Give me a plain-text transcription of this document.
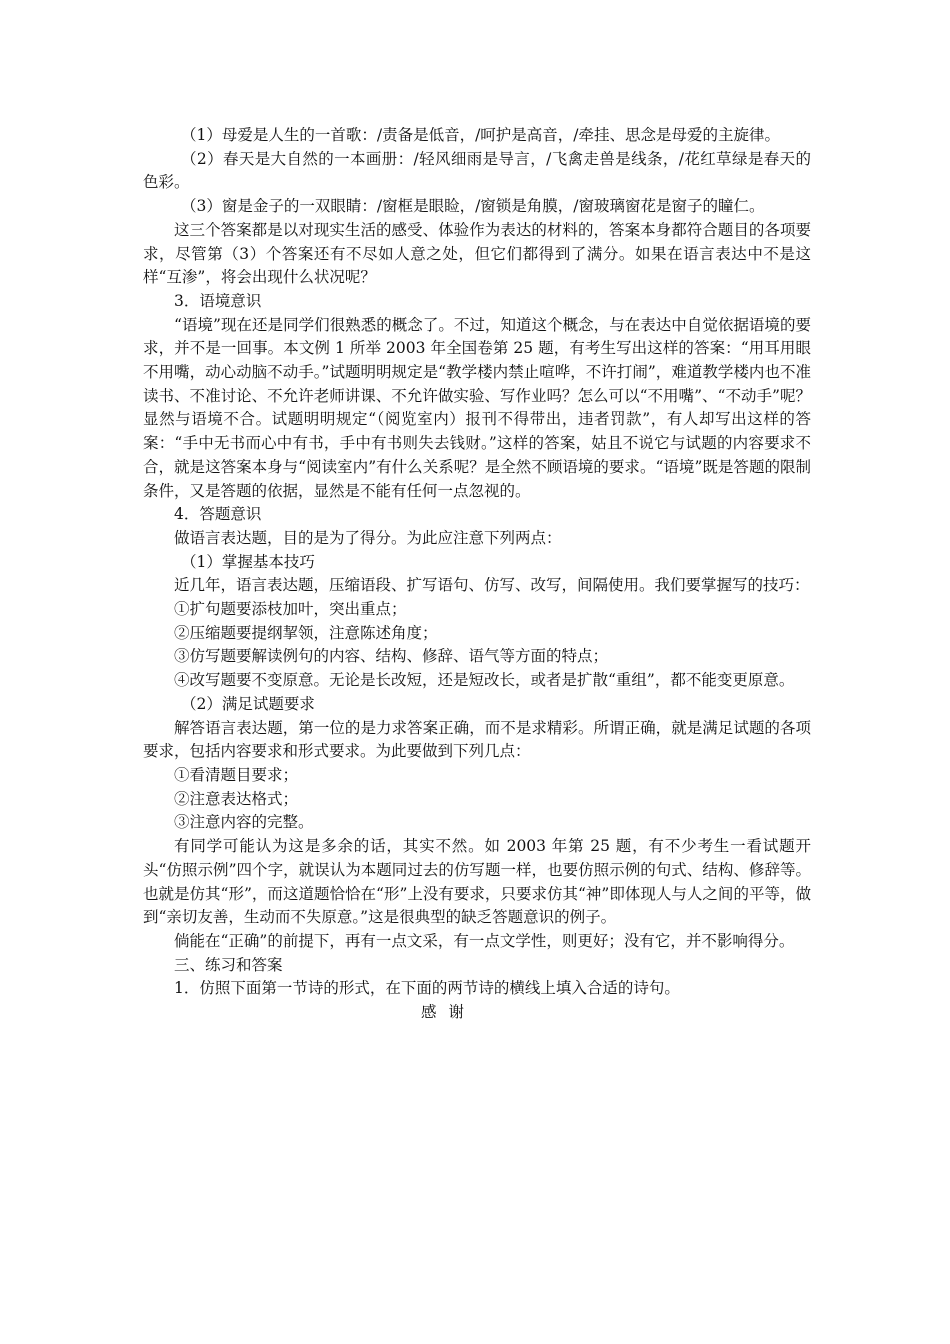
（1）母爱是人生的一首歌：/责备是低音，/呵护是高音，/牵挂、思念是母爱的主旋律。

（2）春天是大自然的一本画册：/轻风细雨是导言，/飞禽走兽是线条，/花红草绿是春天的色彩。

（3）窗是金子的一双眼睛：/窗框是眼睑，/窗锁是角膜，/窗玻璃窗花是窗子的瞳仁。

这三个答案都是以对现实生活的感受、体验作为表达的材料的，答案本身都符合题目的各项要求，尽管第（3）个答案还有不尽如人意之处，但它们都得到了满分。如果在语言表达中不是这样“互渗”，将会出现什么状况呢？

3．语境意识

“语境”现在还是同学们很熟悉的概念了。不过，知道这个概念，与在表达中自觉依据语境的要求，并不是一回事。本文例 1 所举 2003 年全国卷第 25 题，有考生写出这样的答案：“用耳用眼不用嘴，动心动脑不动手。”试题明明规定是“教学楼内禁止喧哗，不许打闹”，难道教学楼内也不准读书、不准讨论、不允许老师讲课、不允许做实验、写作业吗？怎么可以“不用嘴”、“不动手”呢？显然与语境不合。试题明明规定“（阅览室内）报刊不得带出，违者罚款”，有人却写出这样的答案：“手中无书而心中有书，手中有书则失去钱财。”这样的答案，姑且不说它与试题的内容要求不合，就是这答案本身与“阅读室内”有什么关系呢？是全然不顾语境的要求。“语境”既是答题的限制条件，又是答题的依据，显然是不能有任何一点忽视的。

4．答题意识

做语言表达题，目的是为了得分。为此应注意下列两点：

（1）掌握基本技巧

近几年，语言表达题，压缩语段、扩写语句、仿写、改写，间隔使用。我们要掌握写的技巧：

①扩句题要添枝加叶，突出重点；

②压缩题要提纲挈领，注意陈述角度；

③仿写题要解读例句的内容、结构、修辞、语气等方面的特点；

④改写题要不变原意。无论是长改短，还是短改长，或者是扩散“重组”，都不能变更原意。

（2）满足试题要求

解答语言表达题，第一位的是力求答案正确，而不是求精彩。所谓正确，就是满足试题的各项要求，包括内容要求和形式要求。为此要做到下列几点：

①看清题目要求；

②注意表达格式；

③注意内容的完整。

有同学可能认为这是多余的话，其实不然。如 2003 年第 25 题，有不少考生一看试题开头“仿照示例”四个字，就误认为本题同过去的仿写题一样，也要仿照示例的句式、结构、修辞等。也就是仿其“形”，而这道题恰恰在“形”上没有要求，只要求仿其“神”即体现人与人之间的平等，做到“亲切友善，生动而不失原意。”这是很典型的缺乏答题意识的例子。

倘能在“正确”的前提下，再有一点文采，有一点文学性，则更好；没有它，并不影响得分。

三、练习和答案

1．仿照下面第一节诗的形式，在下面的两节诗的横线上填入合适的诗句。

感谢
